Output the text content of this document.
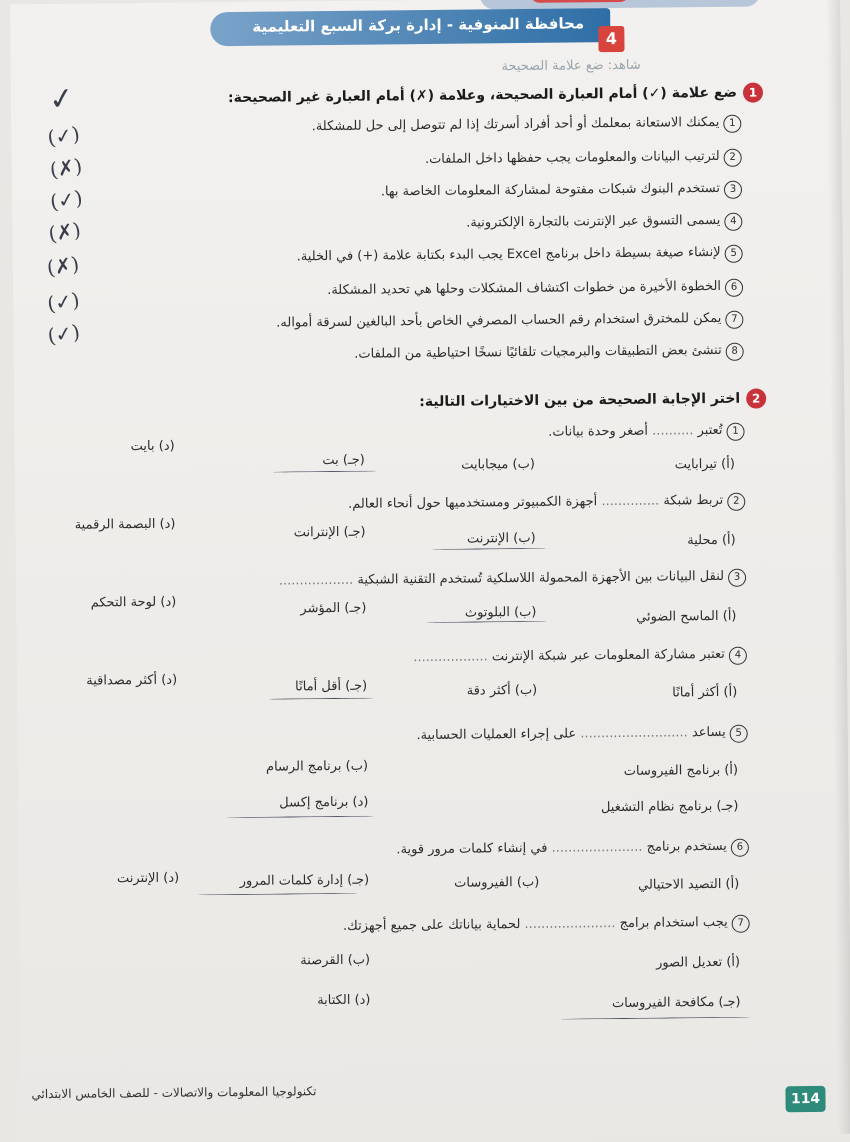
محافظة المنوفية - إدارة بركة السبع التعليمية
4
شاهد: ضع علامة الصحيحة
1ضع علامة (✓) أمام العبارة الصحيحة، وعلامة (✗) أمام العبارة غير الصحيحة:
1يمكنك الاستعانة بمعلمك أو أحد أفراد أسرتك إذا لم تتوصل إلى حل للمشكلة.
2لترتيب البيانات والمعلومات يجب حفظها داخل الملفات.
3تستخدم البنوك شبكات مفتوحة لمشاركة المعلومات الخاصة بها.
4يسمى التسوق عبر الإنترنت بالتجارة الإلكترونية.
5لإنشاء صيغة بسيطة داخل برنامج Excel يجب البدء بكتابة علامة (+) في الخلية.
6الخطوة الأخيرة من خطوات اكتشاف المشكلات وحلها هي تحديد المشكلة.
7يمكن للمخترق استخدام رقم الحساب المصرفي الخاص بأحد البالغين لسرقة أمواله.
8تنشئ بعض التطبيقات والبرمجيات تلقائيًا نسخًا احتياطية من الملفات.
✓
(✓)
(✗)
(✓)
(✗)
(✗)
(✓)
(✓)
2اختر الإجابة الصحيحة من بين الاختيارات التالية:
1تُعتبر .......... أصغر وحدة بيانات.
(أ) تيرابايت
(ب) ميجابايت
(جـ) بت
(د) بايت
2تربط شبكة .............. أجهزة الكمبيوتر ومستخدميها حول أنحاء العالم.
(أ) محلية
(ب) الإنترنت
(جـ) الإنترانت
(د) البصمة الرقمية
3لنقل البيانات بين الأجهزة المحمولة اللاسلكية تُستخدم التقنية الشبكية ..................
(أ) الماسح الضوئي
(ب) البلوتوث
(جـ) المؤشر
(د) لوحة التحكم
4تعتبر مشاركة المعلومات عبر شبكة الإنترنت ..................
(أ) أكثر أمانًا
(ب) أكثر دقة
(جـ) أقل أمانًا
(د) أكثر مصداقية
5يساعد .......................... على إجراء العمليات الحسابية.
(أ) برنامج الفيروسات
(ب) برنامج الرسام
(جـ) برنامج نظام التشغيل
(د) برنامج إكسل
6يستخدم برنامج ...................... في إنشاء كلمات مرور قوية.
(أ) التصيد الاحتيالي
(ب) الفيروسات
(جـ) إدارة كلمات المرور
(د) الإنترنت
7يجب استخدام برامج ...................... لحماية بياناتك على جميع أجهزتك.
(أ) تعديل الصور
(ب) القرصنة
(جـ) مكافحة الفيروسات
(د) الكتابة
تكنولوجيا المعلومات والاتصالات - للصف الخامس الابتدائي	114
